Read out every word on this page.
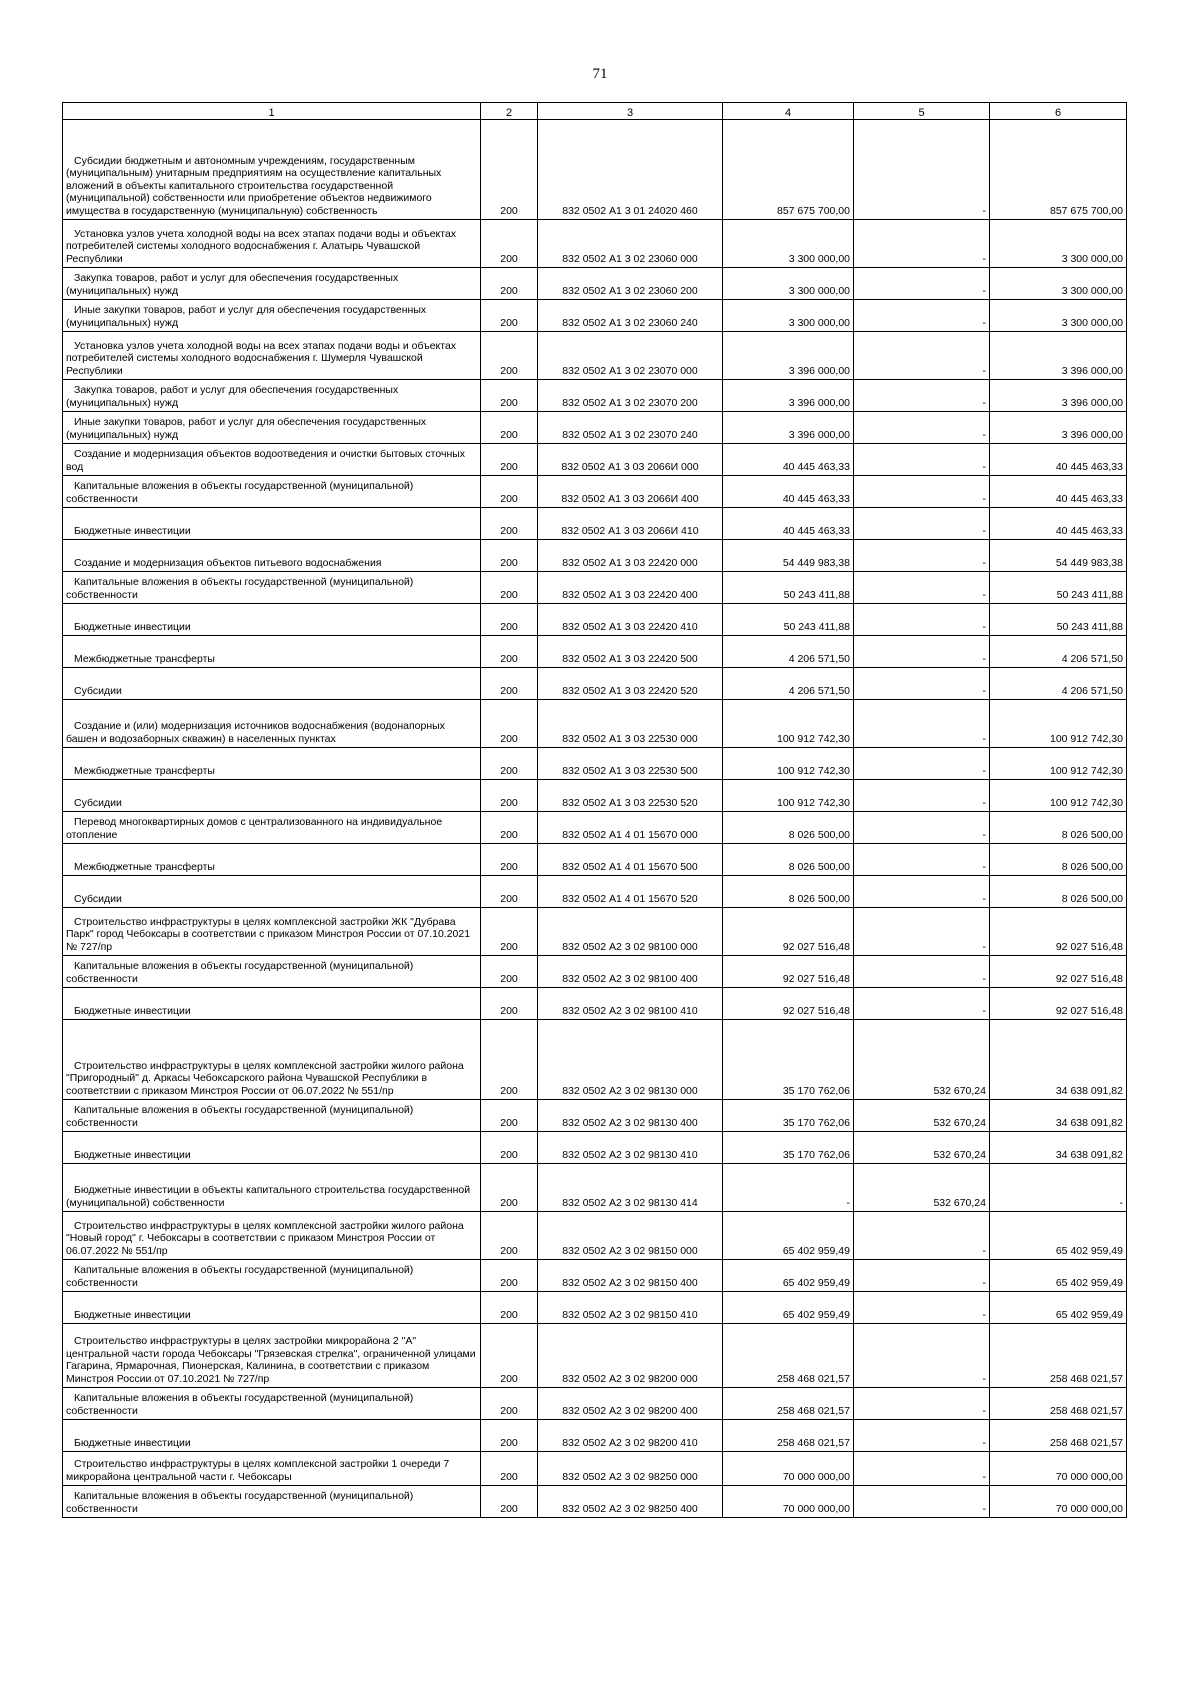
71
1	2	3	4	5	6
Субсидии бюджетным и автономным учреждениям, государственным (муниципальным) унитарным предприятиям на осуществление капитальных вложений в объекты капитального строительства государственной (муниципальной) собственности или приобретение объектов недвижимого имущества в государственную (муниципальную) собственность	200	832 0502 А1 3 01 24020 460	857 675 700,00	-	857 675 700,00
Установка узлов учета холодной воды на всех этапах подачи воды и объектах потребителей системы холодного водоснабжения г. Алатырь Чувашской Республики	200	832 0502 А1 3 02 23060 000	3 300 000,00	-	3 300 000,00
Закупка товаров, работ и услуг для обеспечения государственных (муниципальных) нужд	200	832 0502 А1 3 02 23060 200	3 300 000,00	-	3 300 000,00
Иные закупки товаров, работ и услуг для обеспечения государственных (муниципальных) нужд	200	832 0502 А1 3 02 23060 240	3 300 000,00	-	3 300 000,00
Установка узлов учета холодной воды на всех этапах подачи воды и объектах потребителей системы холодного водоснабжения г. Шумерля Чувашской Республики	200	832 0502 А1 3 02 23070 000	3 396 000,00	-	3 396 000,00
Закупка товаров, работ и услуг для обеспечения государственных (муниципальных) нужд	200	832 0502 А1 3 02 23070 200	3 396 000,00	-	3 396 000,00
Иные закупки товаров, работ и услуг для обеспечения государственных (муниципальных) нужд	200	832 0502 А1 3 02 23070 240	3 396 000,00	-	3 396 000,00
Создание и модернизация объектов водоотведения и очистки бытовых сточных вод	200	832 0502 А1 3 03 2066И 000	40 445 463,33	-	40 445 463,33
Капитальные вложения в объекты государственной (муниципальной) собственности	200	832 0502 А1 3 03 2066И 400	40 445 463,33	-	40 445 463,33
Бюджетные инвестиции	200	832 0502 А1 3 03 2066И 410	40 445 463,33	-	40 445 463,33
Создание и модернизация объектов питьевого водоснабжения	200	832 0502 А1 3 03 22420 000	54 449 983,38	-	54 449 983,38
Капитальные вложения в объекты государственной (муниципальной) собственности	200	832 0502 А1 3 03 22420 400	50 243 411,88	-	50 243 411,88
Бюджетные инвестиции	200	832 0502 А1 3 03 22420 410	50 243 411,88	-	50 243 411,88
Межбюджетные трансферты	200	832 0502 А1 3 03 22420 500	4 206 571,50	-	4 206 571,50
Субсидии	200	832 0502 А1 3 03 22420 520	4 206 571,50	-	4 206 571,50
Создание и (или) модернизация источников водоснабжения (водонапорных башен и водозаборных скважин) в населенных пунктах	200	832 0502 А1 3 03 22530 000	100 912 742,30	-	100 912 742,30
Межбюджетные трансферты	200	832 0502 А1 3 03 22530 500	100 912 742,30	-	100 912 742,30
Субсидии	200	832 0502 А1 3 03 22530 520	100 912 742,30	-	100 912 742,30
Перевод многоквартирных домов с централизованного на индивидуальное отопление	200	832 0502 А1 4 01 15670 000	8 026 500,00	-	8 026 500,00
Межбюджетные трансферты	200	832 0502 А1 4 01 15670 500	8 026 500,00	-	8 026 500,00
Субсидии	200	832 0502 А1 4 01 15670 520	8 026 500,00	-	8 026 500,00
Строительство инфраструктуры в целях комплексной застройки ЖК "Дубрава Парк" город Чебоксары в соответствии с приказом Минстроя России от 07.10.2021 № 727/пр	200	832 0502 А2 3 02 98100 000	92 027 516,48	-	92 027 516,48
Капитальные вложения в объекты государственной (муниципальной) собственности	200	832 0502 А2 3 02 98100 400	92 027 516,48	-	92 027 516,48
Бюджетные инвестиции	200	832 0502 А2 3 02 98100 410	92 027 516,48	-	92 027 516,48
Строительство инфраструктуры в целях комплексной застройки жилого района "Пригородный" д. Аркасы Чебоксарского района Чувашской Республики в соответствии с приказом Минстроя России от 06.07.2022 № 551/пр	200	832 0502 А2 3 02 98130 000	35 170 762,06	532 670,24	34 638 091,82
Капитальные вложения в объекты государственной (муниципальной) собственности	200	832 0502 А2 3 02 98130 400	35 170 762,06	532 670,24	34 638 091,82
Бюджетные инвестиции	200	832 0502 А2 3 02 98130 410	35 170 762,06	532 670,24	34 638 091,82
Бюджетные инвестиции в объекты капитального строительства государственной (муниципальной) собственности	200	832 0502 А2 3 02 98130 414	-	532 670,24	-
Строительство инфраструктуры в целях комплексной застройки жилого района "Новый город" г. Чебоксары в соответствии с приказом Минстроя России от 06.07.2022 № 551/пр	200	832 0502 А2 3 02 98150 000	65 402 959,49	-	65 402 959,49
Капитальные вложения в объекты государственной (муниципальной) собственности	200	832 0502 А2 3 02 98150 400	65 402 959,49	-	65 402 959,49
Бюджетные инвестиции	200	832 0502 А2 3 02 98150 410	65 402 959,49	-	65 402 959,49
Строительство инфраструктуры в целях застройки микрорайона 2 "А" центральной части города Чебоксары "Грязевская стрелка", ограниченной улицами Гагарина, Ярмарочная, Пионерская, Калинина, в соответствии с приказом Минстроя России от 07.10.2021 № 727/пр	200	832 0502 А2 3 02 98200 000	258 468 021,57	-	258 468 021,57
Капитальные вложения в объекты государственной (муниципальной) собственности	200	832 0502 А2 3 02 98200 400	258 468 021,57	-	258 468 021,57
Бюджетные инвестиции	200	832 0502 А2 3 02 98200 410	258 468 021,57	-	258 468 021,57
Строительство инфраструктуры в целях комплексной застройки 1 очереди 7 микрорайона центральной части г. Чебоксары	200	832 0502 А2 3 02 98250 000	70 000 000,00	-	70 000 000,00
Капитальные вложения в объекты государственной (муниципальной) собственности	200	832 0502 А2 3 02 98250 400	70 000 000,00	-	70 000 000,00
